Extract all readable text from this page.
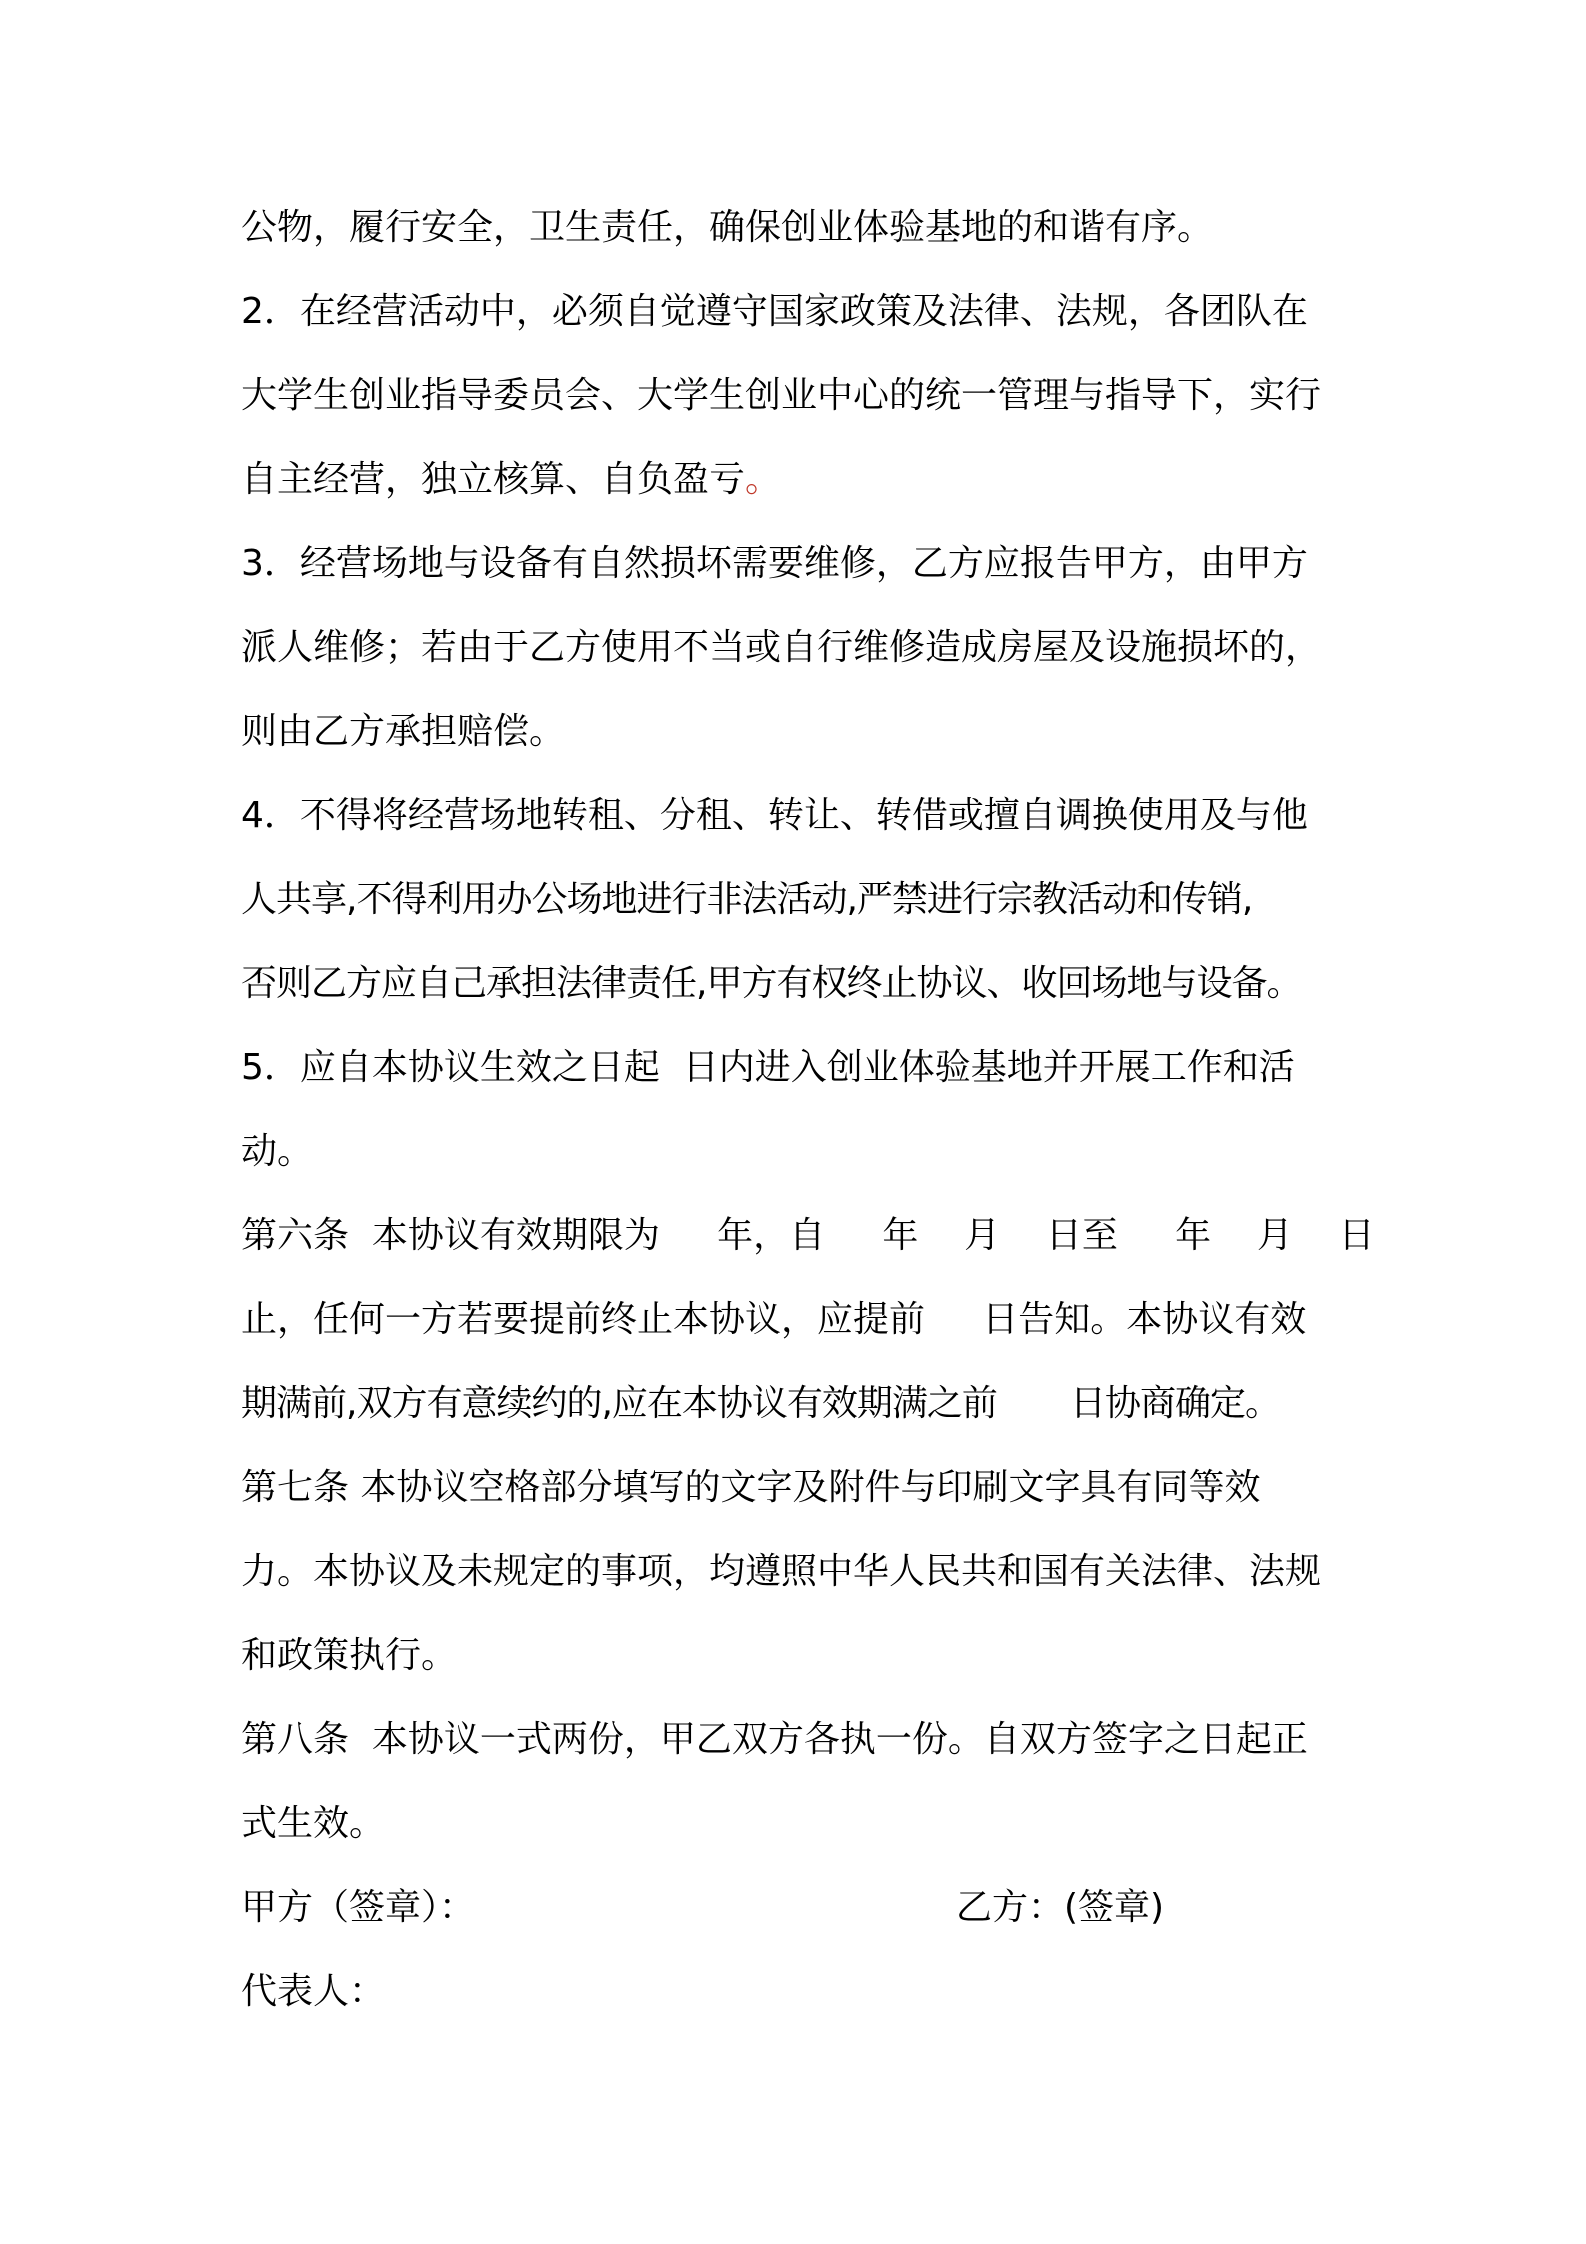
公物，履行安全，卫生责任，确保创业体验基地的和谐有序。
2．在经营活动中，必须自觉遵守国家政策及法律、法规，各团队在
大学生创业指导委员会、大学生创业中心的统一管理与指导下，实行
自主经营，独立核算、自负盈亏。
3．经营场地与设备有自然损坏需要维修，乙方应报告甲方，由甲方
派人维修；若由于乙方使用不当或自行维修造成房屋及设施损坏的，
则由乙方承担赔偿。
4．不得将经营场地转租、分租、转让、转借或擅自调换使用及与他
人共享,不得利用办公场地进行非法活动,严禁进行宗教活动和传销,
否则乙方应自己承担法律责任,甲方有权终止协议、收回场地与设备。
5．应自本协议生效之日起  日内进入创业体验基地并开展工作和活
动。
第六条  本协议有效期限为     年，自     年    月    日至     年    月    日
止，任何一方若要提前终止本协议，应提前     日告知。本协议有效
期满前,双方有意续约的,应在本协议有效期满之前       日协商确定。
第七条 本协议空格部分填写的文字及附件与印刷文字具有同等效
力。本协议及未规定的事项，均遵照中华人民共和国有关法律、法规
和政策执行。
第八条  本协议一式两份，甲乙双方各执一份。自双方签字之日起正
式生效。
甲方（签章）：	乙方：(签章)
代表人：
